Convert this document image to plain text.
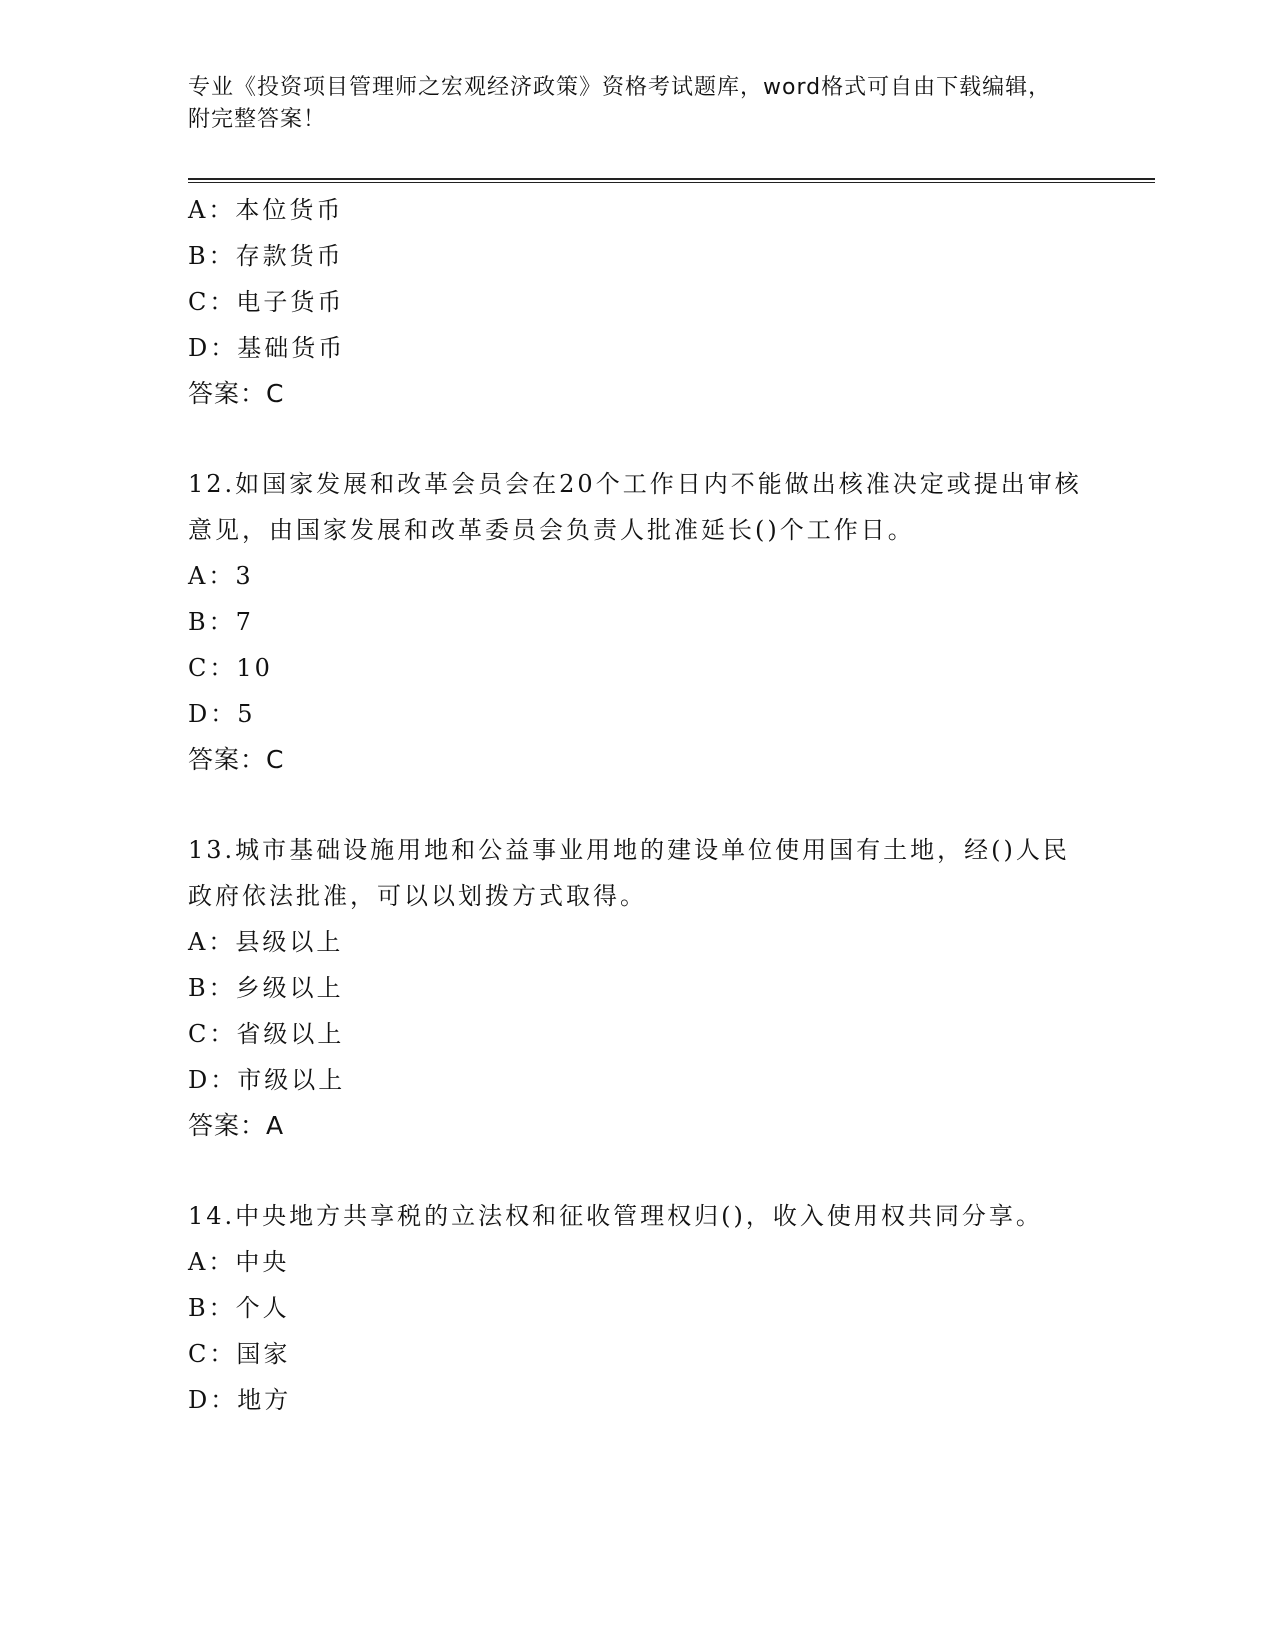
专业《投资项目管理师之宏观经济政策》资格考试题库，word格式可自由下载编辑，附完整答案！
A：本位货币
B：存款货币
C：电子货币
D：基础货币
答案：C
12.如国家发展和改革会员会在20个工作日内不能做出核准决定或提出审核意见，由国家发展和改革委员会负责人批准延长()个工作日。
A：3
B：7
C：10
D：5
答案：C
13.城市基础设施用地和公益事业用地的建设单位使用国有土地，经()人民政府依法批准，可以以划拨方式取得。
A：县级以上
B：乡级以上
C：省级以上
D：市级以上
答案：A
14.中央地方共享税的立法权和征收管理权归()，收入使用权共同分享。
A：中央
B：个人
C：国家
D：地方
